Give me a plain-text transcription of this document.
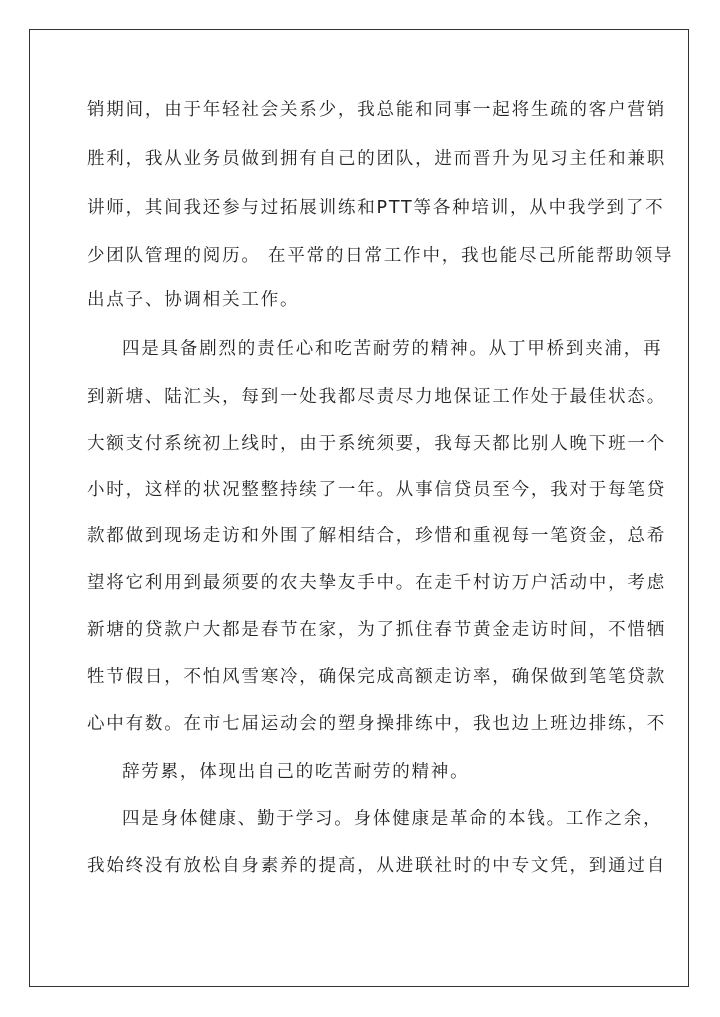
销期间，由于年轻社会关系少，我总能和同事一起将生疏的客户营销
胜利，我从业务员做到拥有自己的团队，进而晋升为见习主任和兼职
讲师，其间我还参与过拓展训练和PTT等各种培训，从中我学到了不
少团队管理的阅历。 在平常的日常工作中，我也能尽己所能帮助领导
出点子、协调相关工作。
四是具备剧烈的责任心和吃苦耐劳的精神。从丁甲桥到夹浦，再
到新塘、陆汇头，每到一处我都尽责尽力地保证工作处于最佳状态。
大额支付系统初上线时，由于系统须要，我每天都比别人晚下班一个
小时，这样的状况整整持续了一年。从事信贷员至今，我对于每笔贷
款都做到现场走访和外围了解相结合，珍惜和重视每一笔资金，总希
望将它利用到最须要的农夫挚友手中。在走千村访万户活动中，考虑
新塘的贷款户大都是春节在家，为了抓住春节黄金走访时间，不惜牺
牲节假日，不怕风雪寒冷，确保完成高额走访率，确保做到笔笔贷款
心中有数。在市七届运动会的塑身操排练中，我也边上班边排练，不
辞劳累，体现出自己的吃苦耐劳的精神。
四是身体健康、勤于学习。身体健康是革命的本钱。工作之余，
我始终没有放松自身素养的提高，从进联社时的中专文凭，到通过自
